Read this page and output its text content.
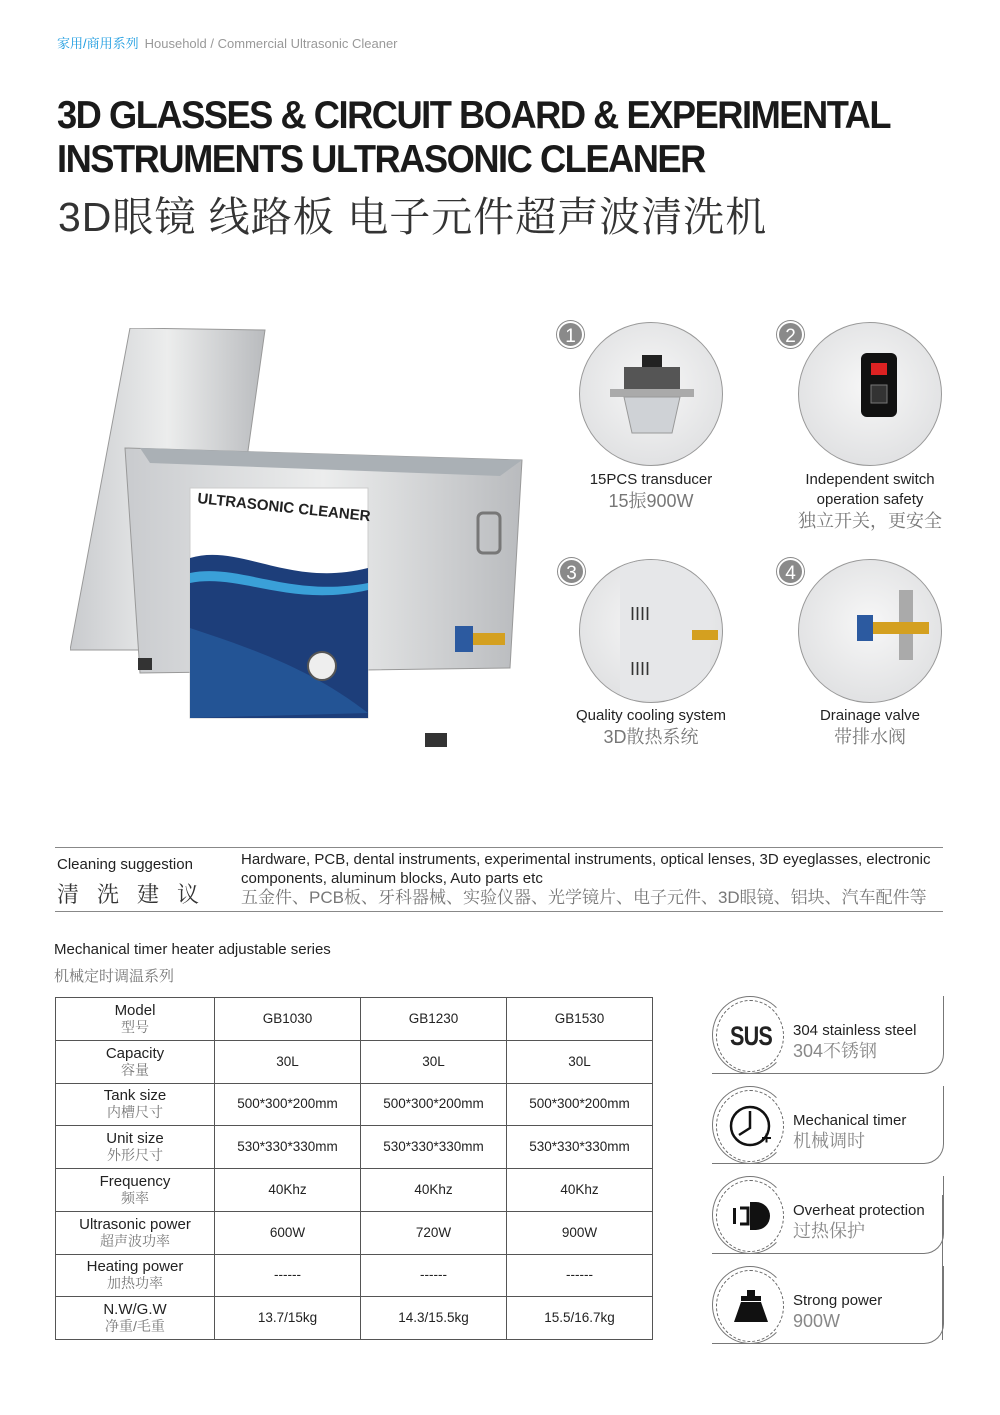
家用/商用系列 Household / Commercial Ultrasonic Cleaner
3D GLASSES & CIRCUIT BOARD & EXPERIMENTAL
INSTRUMENTS ULTRASONIC CLEANER
3D眼镜 线路板 电子元件超声波清洗机
ULTRASONIC CLEANER
IIII
IIII
1	2
3	4
15PCS transducer
15振900W
Independent switch operation safety
独立开关，更安全
Quality cooling system
3D散热系统
Drainage valve
带排水阀
Cleaning suggestion
清洗建议
Hardware, PCB, dental instruments, experimental instruments, optical lenses, 3D eyeglasses, electronic components, aluminum blocks, Auto parts etc
五金件、PCB板、牙科器械、实验仪器、光学镜片、电子元件、3D眼镜、铝块、汽车配件等
Mechanical timer heater adjustable series
机械定时调温系列
Model
型号	GB1030	GB1230	GB1530

Capacity
容量	30L	30L	30L

Tank size
内槽尺寸	500*300*200mm	500*300*200mm	500*300*200mm

Unit size
外形尺寸	530*330*330mm	530*330*330mm	530*330*330mm

Frequency
频率	40Khz	40Khz	40Khz

Ultrasonic power
超声波功率	600W	720W	900W

Heating power
加热功率	------	------	------

N.W/G.W
净重/毛重	13.7/15kg	14.3/15.5kg	15.5/16.7kg
SUS 304 stainless steel
304不锈钢
Mechanical timer
机械调时
Overheat protection
过热保护
Strong power
900W
